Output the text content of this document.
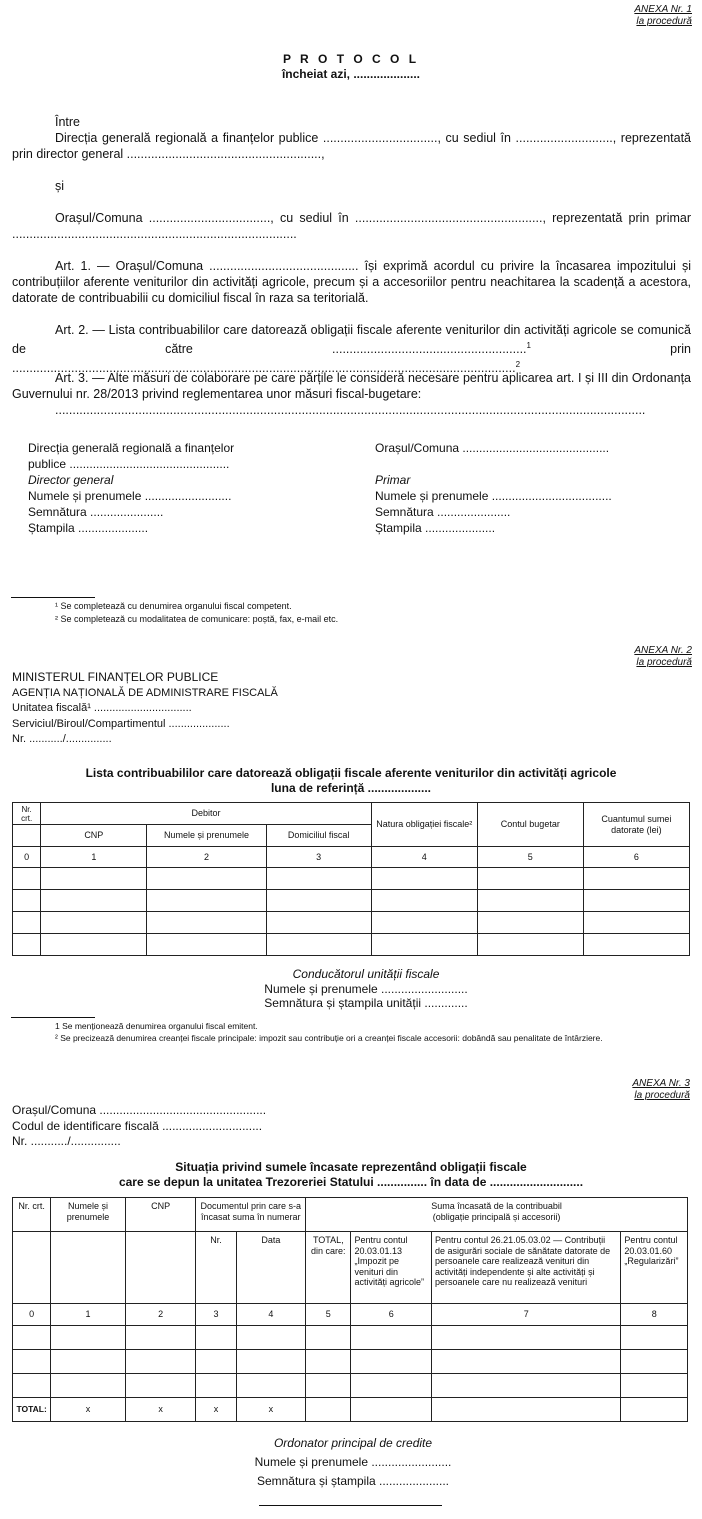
ANEXA Nr. 1
la procedură
P R O T O C O L
încheiat azi, ....................
Între
Direcția generală regională a finanțelor publice ................................., cu sediul în ............................, reprezentată prin director general ........................................................,
și
Orașul/Comuna ..................................., cu sediul în ......................................................, reprezentată prin primar ..................................................................................
Art. 1. — Orașul/Comuna ........................................... își exprimă acordul cu privire la încasarea impozitului și contribuțiilor aferente veniturilor din activități agricole, precum și a accesoriilor pentru neachitarea la scadență a acestora, datorate de contribuabilii cu domiciliul fiscal în raza sa teritorială.
Art. 2. — Lista contribuabililor care datorează obligații fiscale aferente veniturilor din activități agricole se comunică de către ........................................................$^1$ prin .................................................................................................................................................$^2$
Art. 3. — Alte măsuri de colaborare pe care părțile le consideră necesare pentru aplicarea art. I și III din Ordonanța Guvernului nr. 28/2013 privind reglementarea unor măsuri fiscal-bugetare:
..........................................................................................................................................................................
Direcția generală regională a finanțelor
publice ................................................
Director general
Numele și prenumele ..........................
Semnătura ......................
Ștampila .....................
Orașul/Comuna ............................................
Primar
Numele și prenumele ....................................
Semnătura ......................
Ștampila .....................
¹ Se completează cu denumirea organului fiscal competent.
² Se completează cu modalitatea de comunicare: poștă, fax, e-mail etc.
ANEXA Nr. 2
la procedură
MINISTERUL FINANȚELOR PUBLICE
AGENȚIA NAȚIONALĂ DE ADMINISTRARE FISCALĂ
Unitatea fiscală¹ ................................
Serviciul/Biroul/Compartimentul ....................
Nr. .........../...............
Lista contribuabililor care datorează obligații fiscale aferente veniturilor din activități agricole
luna de referință ...................
Nr. crt.	Debitor			Natura obligației fiscale²	Contul bugetar	Cuantumul sumei datorate (lei)
	CNP	Numele și prenumele	Domiciliul fiscal			
0	1	2	3	4	5	6

Conducătorul unității fiscale
Numele și prenumele ..........................
Semnătura și ștampila unității .............
1 Se menționează denumirea organului fiscal emitent.
² Se precizează denumirea creanței fiscale principale: impozit sau contribuție ori a creanței fiscale accesorii: dobândă sau penalitate de întârziere.
ANEXA Nr. 3
la procedură
Orașul/Comuna ..................................................
Codul de identificare fiscală ..............................
Nr. .........../...............
Situația privind sumele încasate reprezentând obligații fiscale
care se depun la unitatea Trezoreriei Statului ............... în data de ............................
Nr. crt.	Numele și prenumele	CNP	Documentul prin care s-a încasat suma în numerar		Suma încasată de la contribuabil
(obligație principală și accesorii)			

			Nr.	Data	TOTAL, din care:	Pentru contul 20.03.01.13 „Impozit pe venituri din activități agricole”	Pentru contul 26.21.05.03.02 — Contribuții de asigurări sociale de sănătate datorate de persoanele care realizează venituri din activități independente și alte activități și persoanele care nu realizează venituri	Pentru contul 20.03.01.60 „Regularizări”
0	1	2	3	4	5	6	7	8

TOTAL:	x	x	x	x				
Ordonator principal de credite
Numele și prenumele ........................
Semnătura și ștampila .....................
